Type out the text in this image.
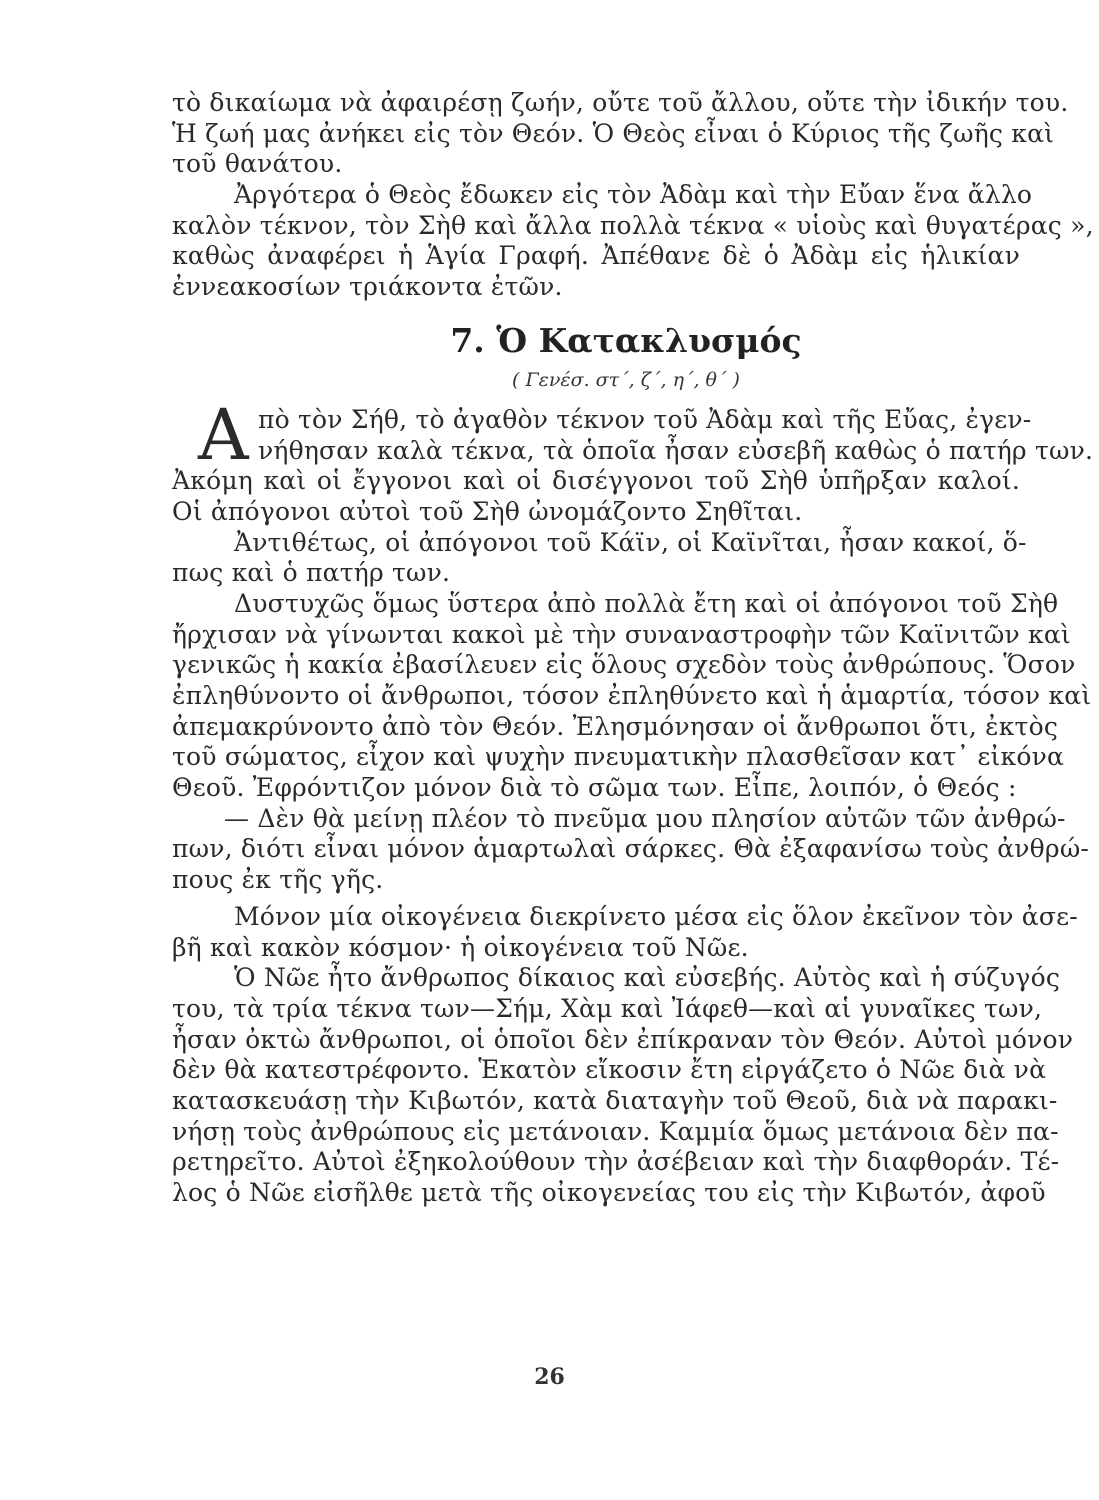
τὸ δικαίωμα νὰ ἀφαιρέσῃ ζωήν, οὔτε τοῦ ἄλλου, οὔτε τὴν ἰδικήν του.
Ἡ ζωή μας ἀνήκει εἰς τὸν Θεόν. Ὁ Θεὸς εἶναι ὁ Κύριος τῆς ζωῆς καὶ
τοῦ θανάτου.
Ἀργότερα ὁ Θεὸς ἔδωκεν εἰς τὸν Ἀδὰμ καὶ τὴν Εὔαν ἕνα ἄλλο
καλὸν τέκνον, τὸν Σὴθ καὶ ἄλλα πολλὰ τέκνα « υἱοὺς καὶ θυγατέρας »,
καθὼς ἀναφέρει ἡ Ἁγία Γραφή. Ἀπέθανε δὲ ὁ Ἀδὰμ εἰς ἡλικίαν
ἐννεακοσίων τριάκοντα ἐτῶν.
7. Ὁ Κατακλυσμός
( Γενέσ. στ΄, ζ΄, η΄, θ΄ )
Α πὸ τὸν Σήθ, τὸ ἀγαθὸν τέκνον τοῦ Ἀδὰμ καὶ τῆς Εὔας, ἐγεν-
νήθησαν καλὰ τέκνα, τὰ ὁποῖα ἦσαν εὐσεβῆ καθὼς ὁ πατήρ των.
Ἀκόμη καὶ οἱ ἔγγονοι καὶ οἱ δισέγγονοι τοῦ Σὴθ ὑπῆρξαν καλοί.
Οἱ ἀπόγονοι αὐτοὶ τοῦ Σὴθ ὠνομάζοντο Σηθῖται.
Ἀντιθέτως, οἱ ἀπόγονοι τοῦ Κάϊν, οἱ Καϊνῖται, ἦσαν κακοί, ὅ-
πως καὶ ὁ πατήρ των.
Δυστυχῶς ὅμως ὕστερα ἀπὸ πολλὰ ἔτη καὶ οἱ ἀπόγονοι τοῦ Σὴθ
ἤρχισαν νὰ γίνωνται κακοὶ μὲ τὴν συναναστροφὴν τῶν Καϊνιτῶν καὶ
γενικῶς ἡ κακία ἐβασίλευεν εἰς ὅλους σχεδὸν τοὺς ἀνθρώπους. Ὅσον
ἐπληθύνοντο οἱ ἄνθρωποι, τόσον ἐπληθύνετο καὶ ἡ ἁμαρτία, τόσον καὶ
ἀπεμακρύνοντο ἀπὸ τὸν Θεόν. Ἐλησμόνησαν οἱ ἄνθρωποι ὅτι, ἐκτὸς
τοῦ σώματος, εἶχον καὶ ψυχὴν πνευματικὴν πλασθεῖσαν κατ᾽ εἰκόνα
Θεοῦ. Ἐφρόντιζον μόνον διὰ τὸ σῶμα των. Εἶπε, λοιπόν, ὁ Θεός :
— Δὲν θὰ μείνῃ πλέον τὸ πνεῦμα μου πλησίον αὐτῶν τῶν ἀνθρώ-
πων, διότι εἶναι μόνον ἁμαρτωλαὶ σάρκες. Θὰ ἐξαφανίσω τοὺς ἀνθρώ-
πους ἐκ τῆς γῆς.
Μόνον μία οἰκογένεια διεκρίνετο μέσα εἰς ὅλον ἐκεῖνον τὸν ἀσε-
βῆ καὶ κακὸν κόσμον· ἡ οἰκογένεια τοῦ Νῶε.
Ὁ Νῶε ἦτο ἄνθρωπος δίκαιος καὶ εὐσεβής. Αὐτὸς καὶ ἡ σύζυγός
του, τὰ τρία τέκνα των—Σήμ, Χὰμ καὶ Ἰάφεθ—καὶ αἱ γυναῖκες των,
ἦσαν ὀκτὼ ἄνθρωποι, οἱ ὁποῖοι δὲν ἐπίκραναν τὸν Θεόν. Αὐτοὶ μόνον
δὲν θὰ κατεστρέφοντο. Ἑκατὸν εἴκοσιν ἔτη εἰργάζετο ὁ Νῶε διὰ νὰ
κατασκευάσῃ τὴν Κιβωτόν, κατὰ διαταγὴν τοῦ Θεοῦ, διὰ νὰ παρακι-
νήσῃ τοὺς ἀνθρώπους εἰς μετάνοιαν. Καμμία ὅμως μετάνοια δὲν πα-
ρετηρεῖτο. Αὐτοὶ ἐξηκολούθουν τὴν ἀσέβειαν καὶ τὴν διαφθοράν. Τέ-
λος ὁ Νῶε εἰσῆλθε μετὰ τῆς οἰκογενείας του εἰς τὴν Κιβωτόν, ἀφοῦ
26
